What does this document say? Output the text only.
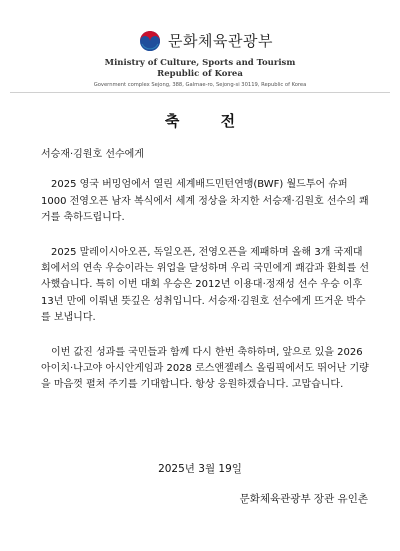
문화체육관광부
Ministry of Culture, Sports and Tourism
Republic of Korea
Government complex Sejong, 388, Galmae-ro, Sejong-si 30119, Republic of Korea
축 전

서승재·김원호 선수에게

2025 영국 버밍엄에서 열린 세계배드민턴연맹(BWF) 월드투어 슈퍼 1000 전영오픈 남자 복식에서 세계 정상을 차지한 서승재·김원호 선수의 쾌거를 축하드립니다.

2025 말레이시아오픈, 독일오픈, 전영오픈을 제패하며 올해 3개 국제대회에서의 연속 우승이라는 위업을 달성하며 우리 국민에게 쾌감과 환희를 선사했습니다. 특히 이번 대회 우승은 2012년 이용대·정재성 선수 우승 이후 13년 만에 이뤄낸 뜻깊은 성취입니다. 서승재·김원호 선수에게 뜨거운 박수를 보냅니다.

이번 값진 성과를 국민들과 함께 다시 한번 축하하며, 앞으로 있을 2026 아이치·나고야 아시안게임과 2028 로스앤젤레스 올림픽에서도 뛰어난 기량을 마음껏 펼쳐 주기를 기대합니다. 항상 응원하겠습니다. 고맙습니다.

2025년 3월 19일
문화체육관광부 장관 유인촌
